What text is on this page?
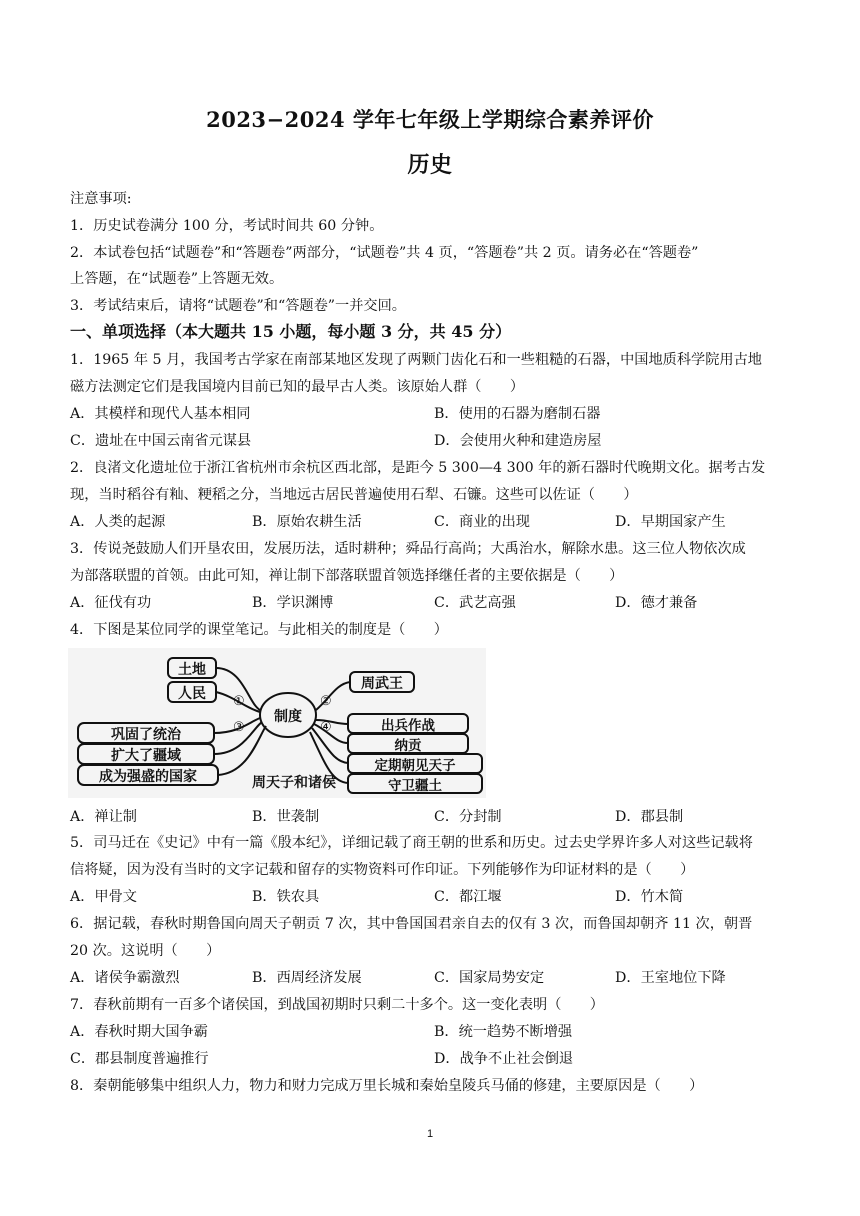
2023−2024 学年七年级上学期综合素养评价
历史
注意事项:
1．历史试卷满分 100 分，考试时间共 60 分钟。
2．本试卷包括“试题卷”和“答题卷”两部分，“试题卷”共 4 页，“答题卷”共 2 页。请务必在“答题卷”
上答题，在“试题卷”上答题无效。
3．考试结束后，请将“试题卷”和“答题卷”一并交回。
一、单项选择（本大题共 15 小题，每小题 3 分，共 45 分）
1．1965 年 5 月，我国考古学家在南部某地区发现了两颗门齿化石和一些粗糙的石器，中国地质科学院用古地
磁方法测定它们是我国境内目前已知的最早古人类。该原始人群（　　）
A．其模样和现代人基本相同	B．使用的石器为磨制石器
C．遗址在中国云南省元谋县	D．会使用火种和建造房屋
2．良渚文化遗址位于浙江省杭州市余杭区西北部，是距今 5 300—4 300 年的新石器时代晚期文化。据考古发
现，当时稻谷有籼、粳稻之分，当地远古居民普遍使用石犁、石镰。这些可以佐证（　　）
A．人类的起源	B．原始农耕生活	C．商业的出现	D．早期国家产生
3．传说尧鼓励人们开垦农田，发展历法，适时耕种；舜品行高尚；大禹治水，解除水患。这三位人物依次成
为部落联盟的首领。由此可知，禅让制下部落联盟首领选择继任者的主要依据是（　　）
A．征伐有功	B．学识渊博	C．武艺高强	D．德才兼备
4．下图是某位同学的课堂笔记。与此相关的制度是（　　）
土地
人民
巩固了统治
扩大了疆域
成为强盛的国家
制度
周武王
出兵作战
纳贡
定期朝见天子
守卫疆土
①	②
③	④
周天子和诸侯
A．禅让制	B．世袭制	C．分封制	D．郡县制
5．司马迁在《史记》中有一篇《殷本纪》，详细记载了商王朝的世系和历史。过去史学界许多人对这些记载将
信将疑，因为没有当时的文字记载和留存的实物资料可作印证。下列能够作为印证材料的是（　　）
A．甲骨文	B．铁农具	C．都江堰	D．竹木简
6．据记载，春秋时期鲁国向周天子朝贡 7 次，其中鲁国国君亲自去的仅有 3 次，而鲁国却朝齐 11 次，朝晋
20 次。这说明（　　）
A．诸侯争霸激烈	B．西周经济发展	C．国家局势安定	D．王室地位下降
7．春秋前期有一百多个诸侯国，到战国初期时只剩二十多个。这一变化表明（　　）
A．春秋时期大国争霸	B．统一趋势不断增强
C．郡县制度普遍推行	D．战争不止社会倒退
8．秦朝能够集中组织人力，物力和财力完成万里长城和秦始皇陵兵马俑的修建，主要原因是（　　）
1
